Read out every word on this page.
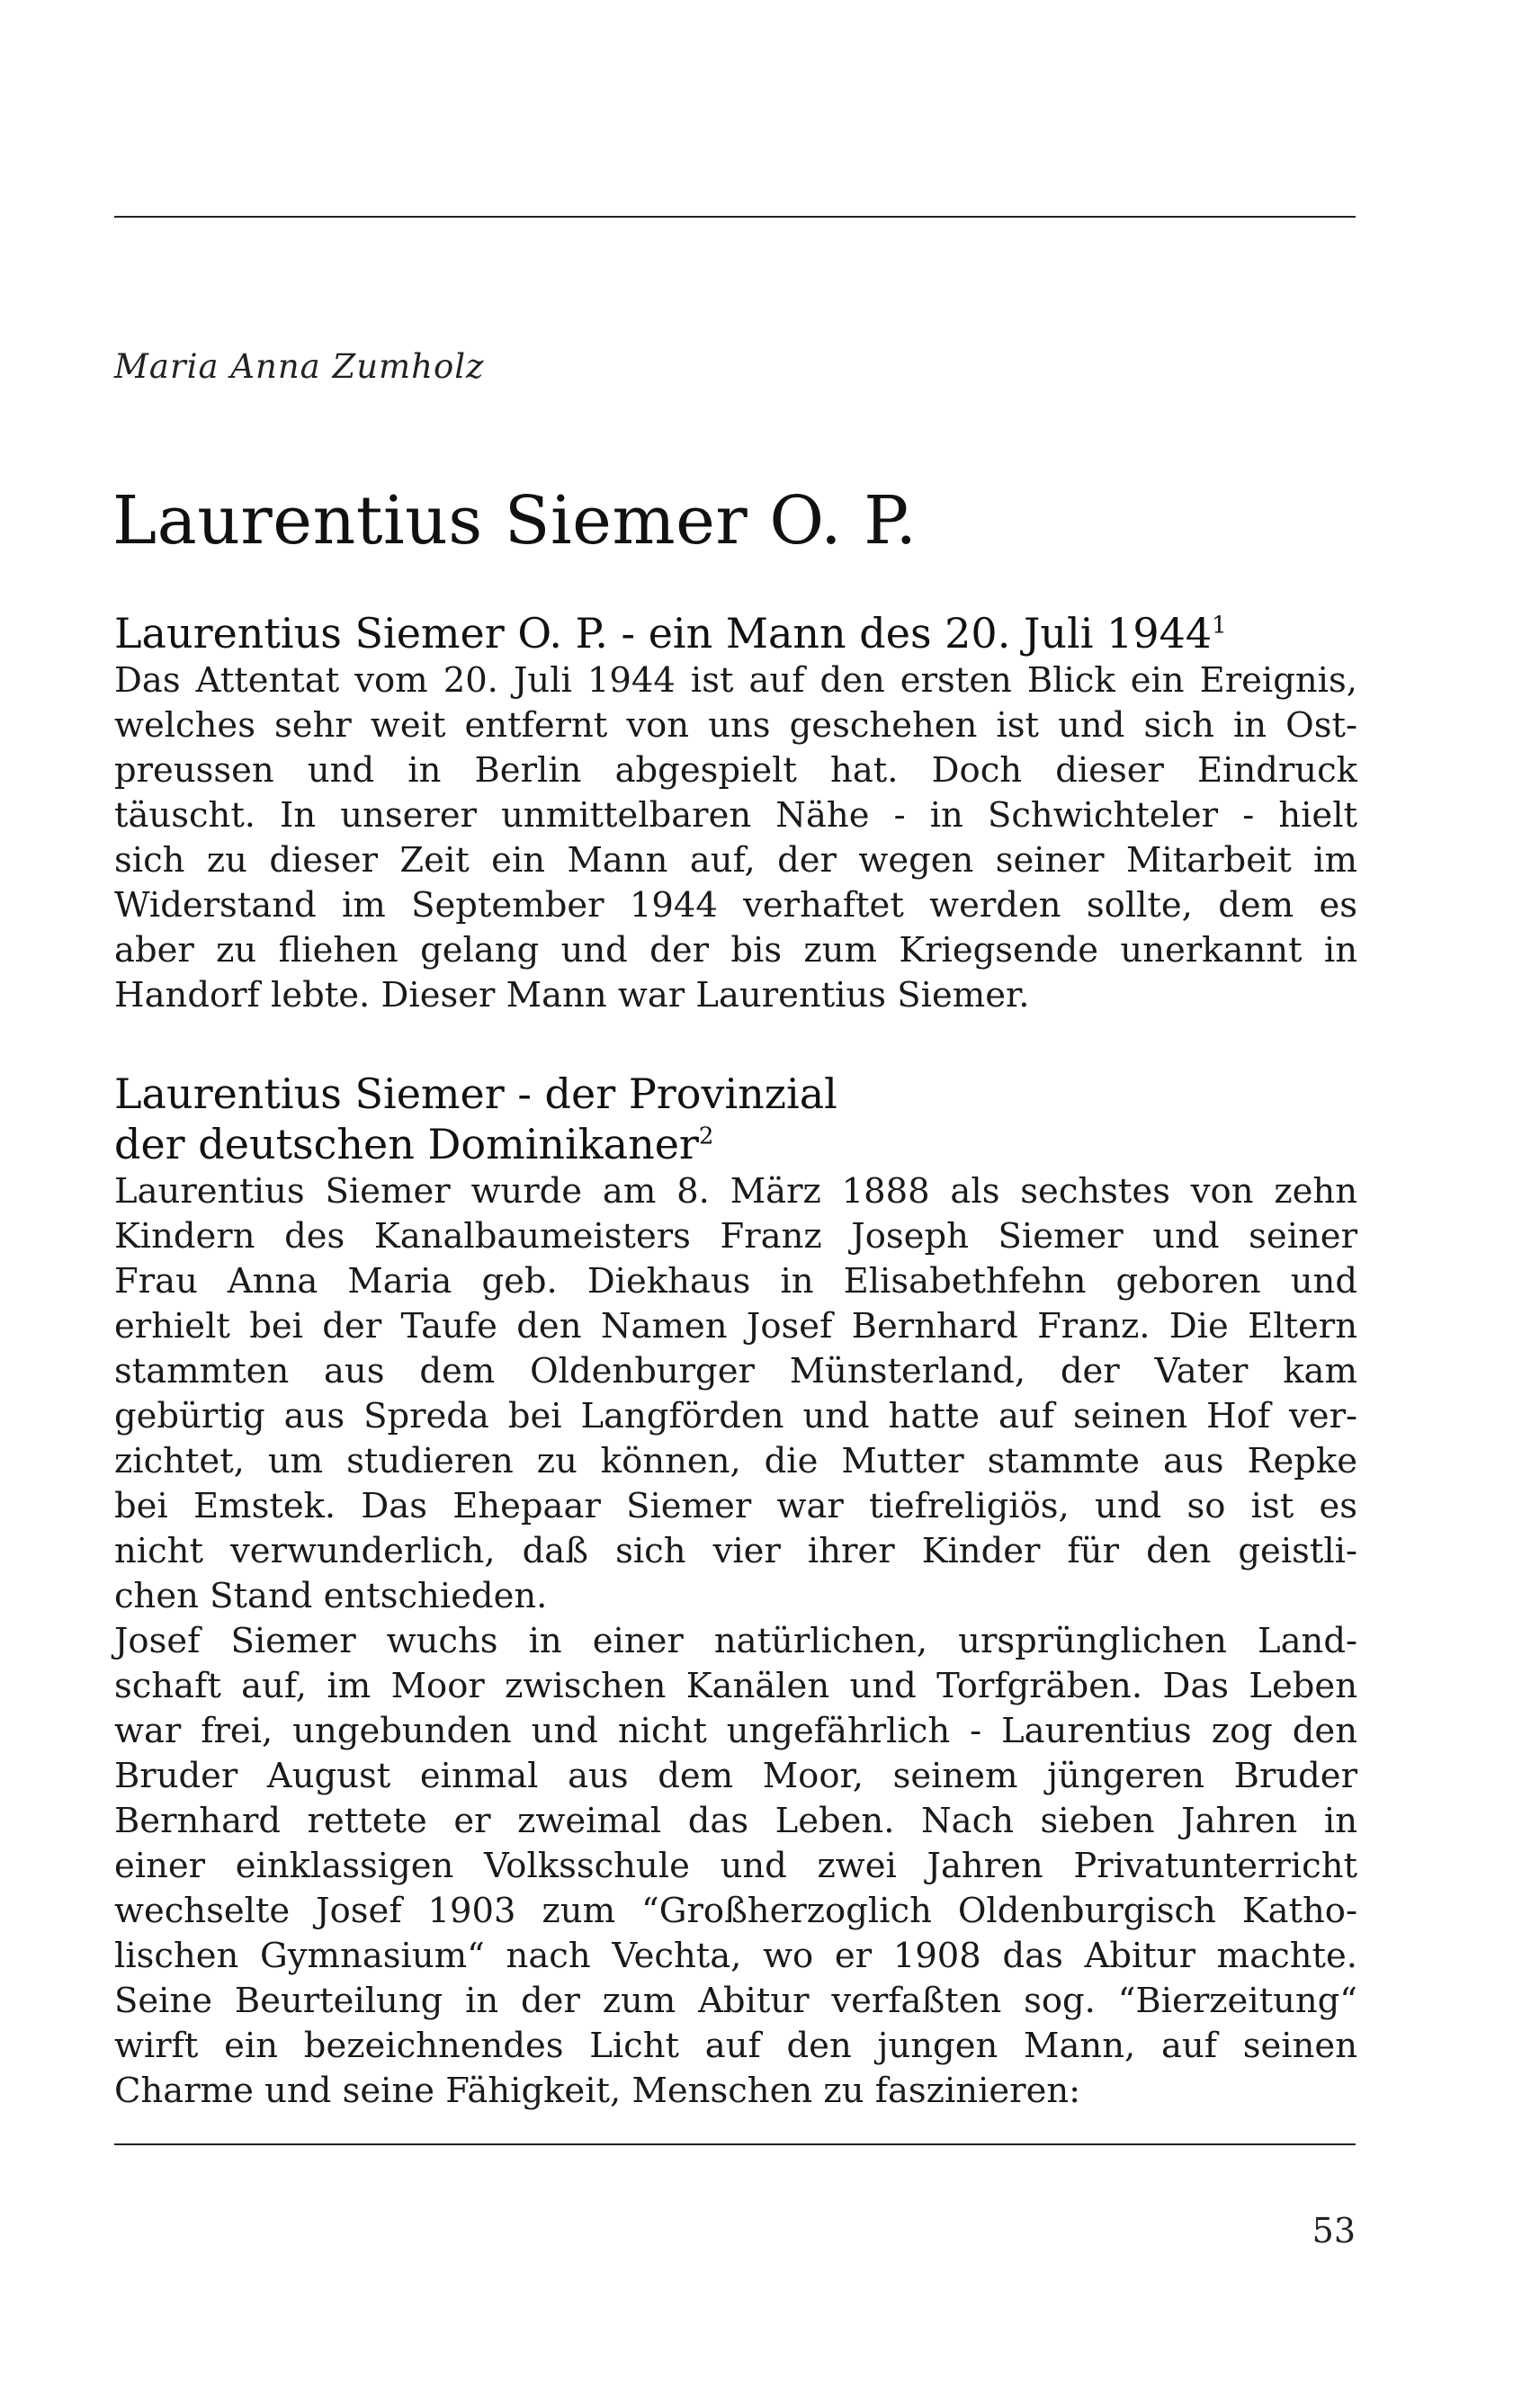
Maria Anna Zumholz
Laurentius Siemer O. P.
Laurentius Siemer O. P. - ein Mann des 20. Juli 1944$^1$
Das Attentat vom 20. Juli 1944 ist auf den ersten Blick ein Ereignis,
welches sehr weit entfernt von uns geschehen ist und sich in Ost-
preussen und in Berlin abgespielt hat. Doch dieser Eindruck
täuscht. In unserer unmittelbaren Nähe - in Schwichteler - hielt
sich zu dieser Zeit ein Mann auf, der wegen seiner Mitarbeit im
Widerstand im September 1944 verhaftet werden sollte, dem es
aber zu fliehen gelang und der bis zum Kriegsende unerkannt in
Handorf lebte. Dieser Mann war Laurentius Siemer.
Laurentius Siemer - der Provinzial
der deutschen Dominikaner$^2$
Laurentius Siemer wurde am 8. März 1888 als sechstes von zehn
Kindern des Kanalbaumeisters Franz Joseph Siemer und seiner
Frau Anna Maria geb. Diekhaus in Elisabethfehn geboren und
erhielt bei der Taufe den Namen Josef Bernhard Franz. Die Eltern
stammten aus dem Oldenburger Münsterland, der Vater kam
gebürtig aus Spreda bei Langförden und hatte auf seinen Hof ver-
zichtet, um studieren zu können, die Mutter stammte aus Repke
bei Emstek. Das Ehepaar Siemer war tiefreligiös, und so ist es
nicht verwunderlich, daß sich vier ihrer Kinder für den geistli-
chen Stand entschieden.
Josef Siemer wuchs in einer natürlichen, ursprünglichen Land-
schaft auf, im Moor zwischen Kanälen und Torfgräben. Das Leben
war frei, ungebunden und nicht ungefährlich - Laurentius zog den
Bruder August einmal aus dem Moor, seinem jüngeren Bruder
Bernhard rettete er zweimal das Leben. Nach sieben Jahren in
einer einklassigen Volksschule und zwei Jahren Privatunterricht
wechselte Josef 1903 zum “Großherzoglich Oldenburgisch Katho-
lischen Gymnasium“ nach Vechta, wo er 1908 das Abitur machte.
Seine Beurteilung in der zum Abitur verfaßten sog. “Bierzeitung“
wirft ein bezeichnendes Licht auf den jungen Mann, auf seinen
Charme und seine Fähigkeit, Menschen zu faszinieren:
53
